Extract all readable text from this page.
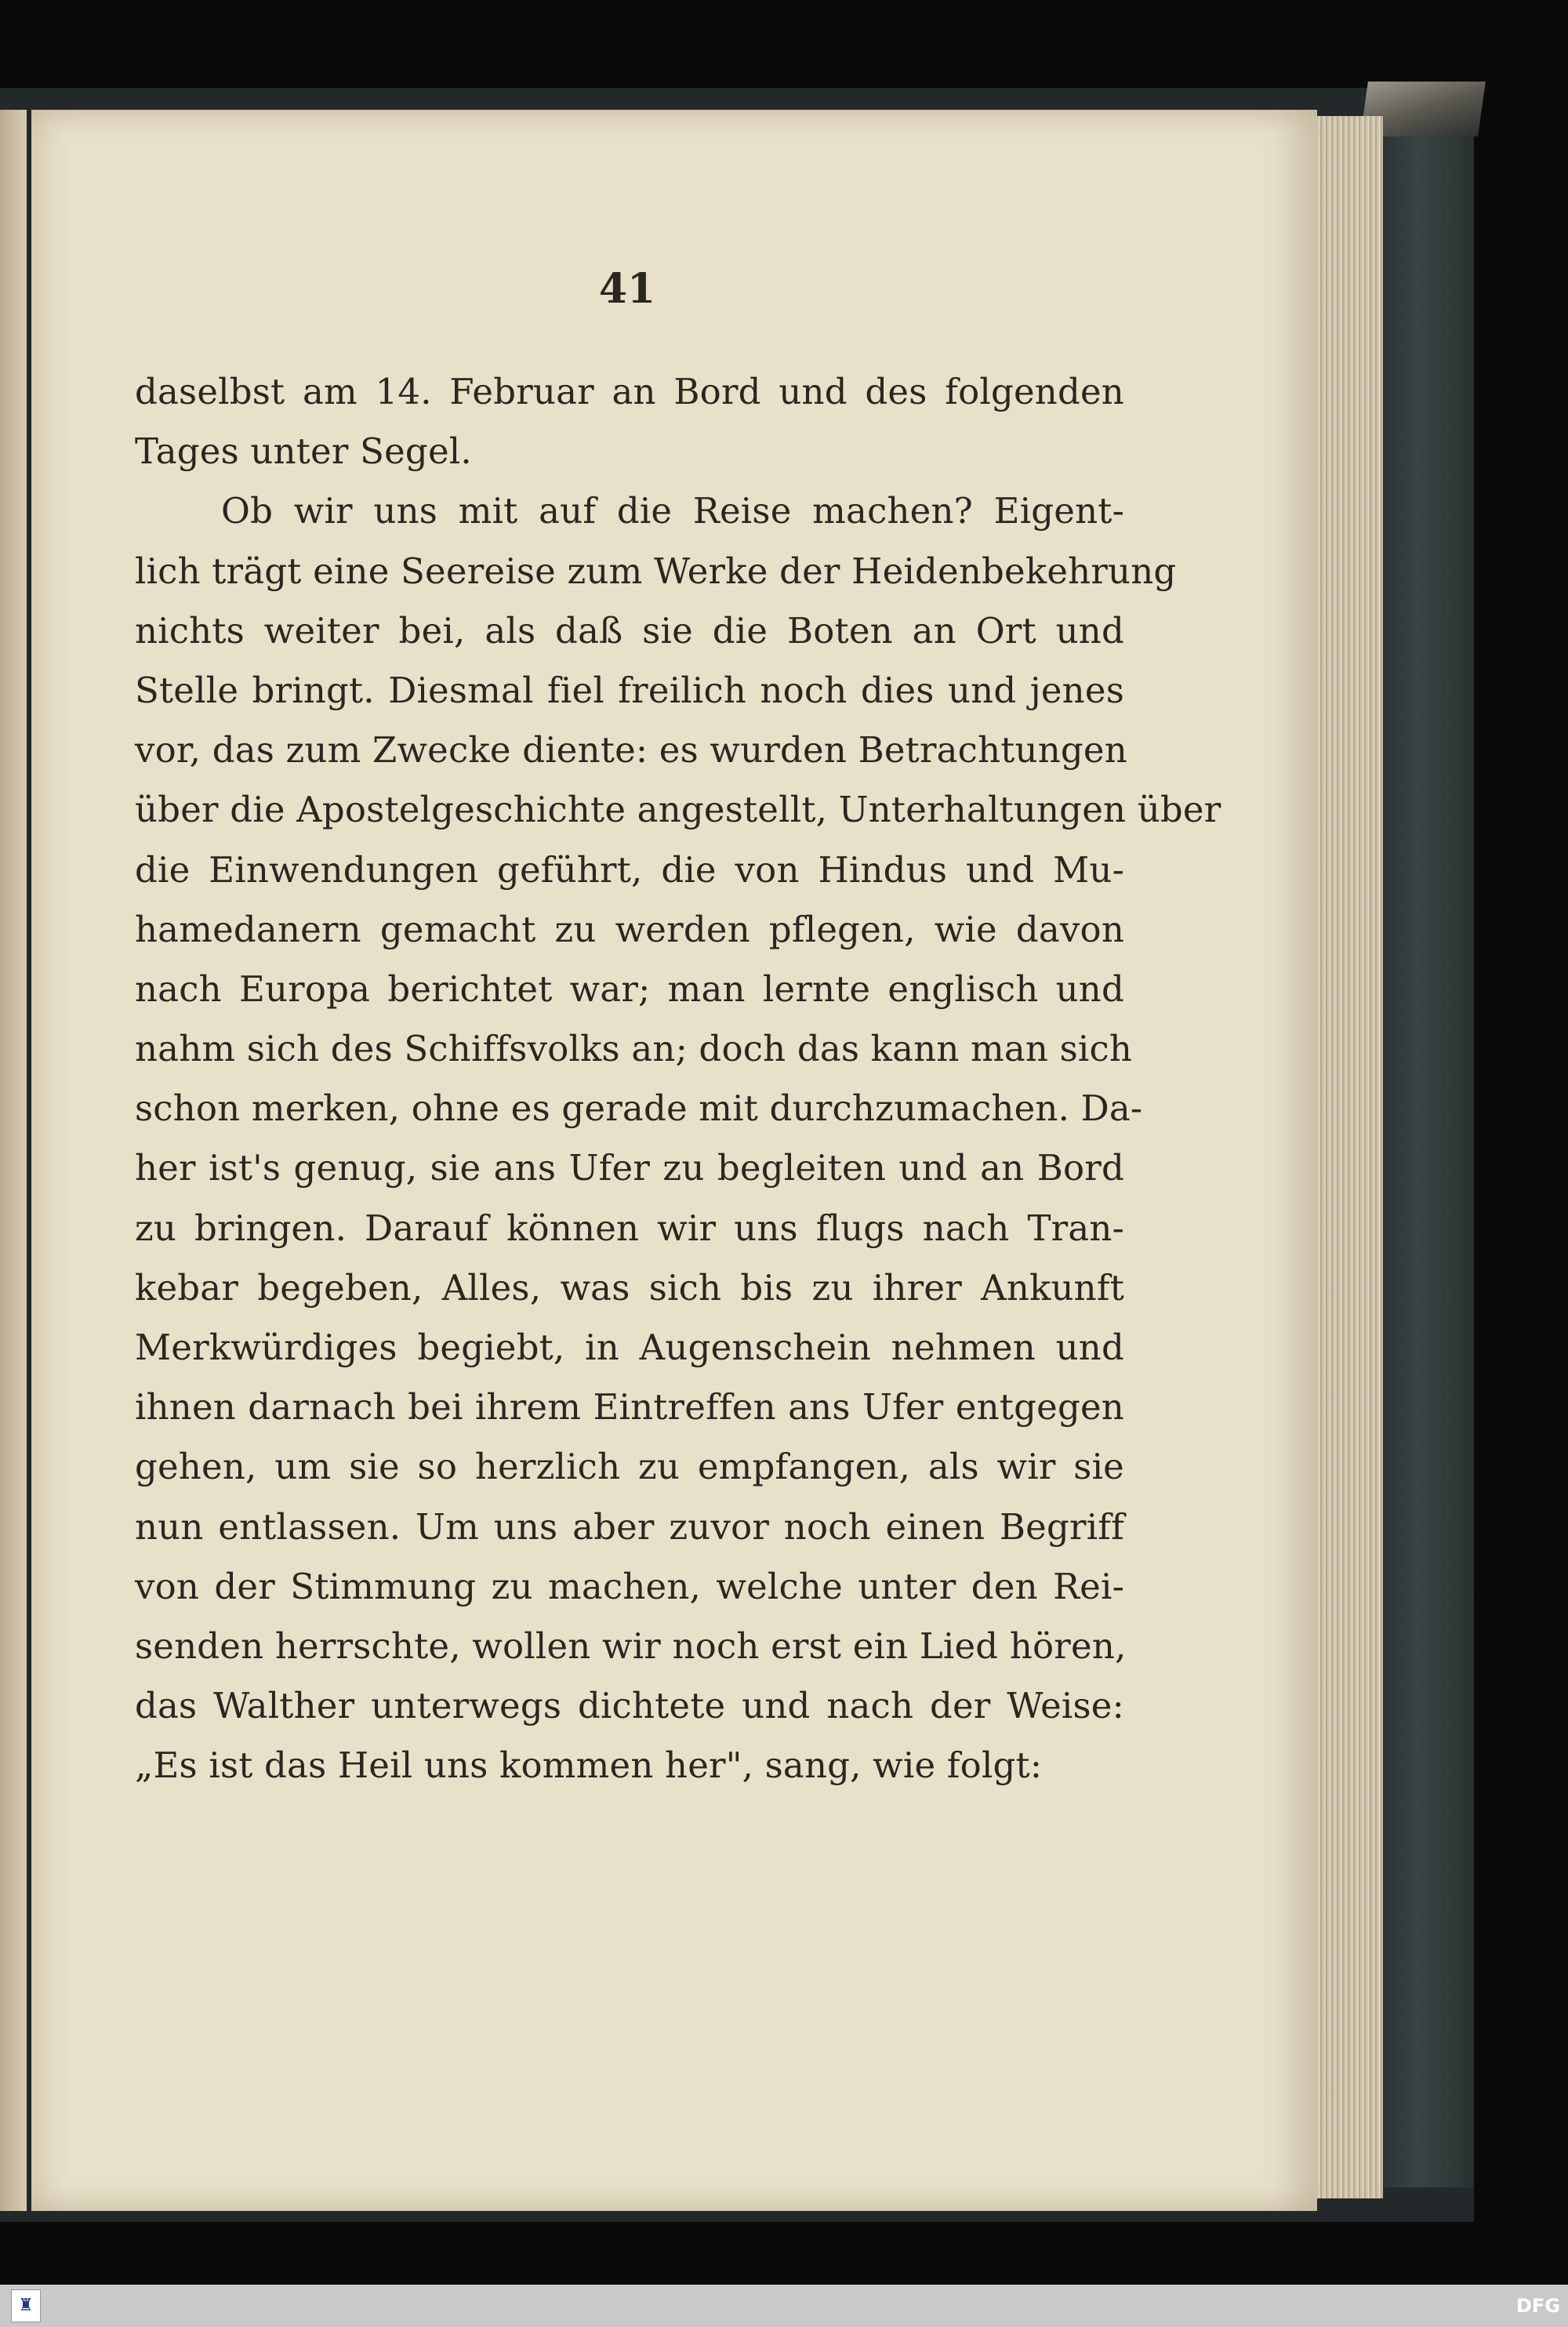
41
daselbst am 14. Februar an Bord und des folgenden
Tages unter Segel.
Ob wir uns mit auf die Reise machen? Eigent-
lich trägt eine Seereise zum Werke der Heidenbekehrung
nichts weiter bei, als daß sie die Boten an Ort und
Stelle bringt. Diesmal fiel freilich noch dies und jenes
vor, das zum Zwecke diente: es wurden Betrachtungen
über die Apostelgeschichte angestellt, Unterhaltungen über
die Einwendungen geführt, die von Hindus und Mu-
hamedanern gemacht zu werden pflegen, wie davon
nach Europa berichtet war; man lernte englisch und
nahm sich des Schiffsvolks an; doch das kann man sich
schon merken, ohne es gerade mit durchzumachen. Da-
her ist's genug, sie ans Ufer zu begleiten und an Bord
zu bringen. Darauf können wir uns flugs nach Tran-
kebar begeben, Alles, was sich bis zu ihrer Ankunft
Merkwürdiges begiebt, in Augenschein nehmen und
ihnen darnach bei ihrem Eintreffen ans Ufer entgegen
gehen, um sie so herzlich zu empfangen, als wir sie
nun entlassen. Um uns aber zuvor noch einen Begriff
von der Stimmung zu machen, welche unter den Rei-
senden herrschte, wollen wir noch erst ein Lied hören,
das Walther unterwegs dichtete und nach der Weise:
„Es ist das Heil uns kommen her", sang, wie folgt:
♜	DFG
